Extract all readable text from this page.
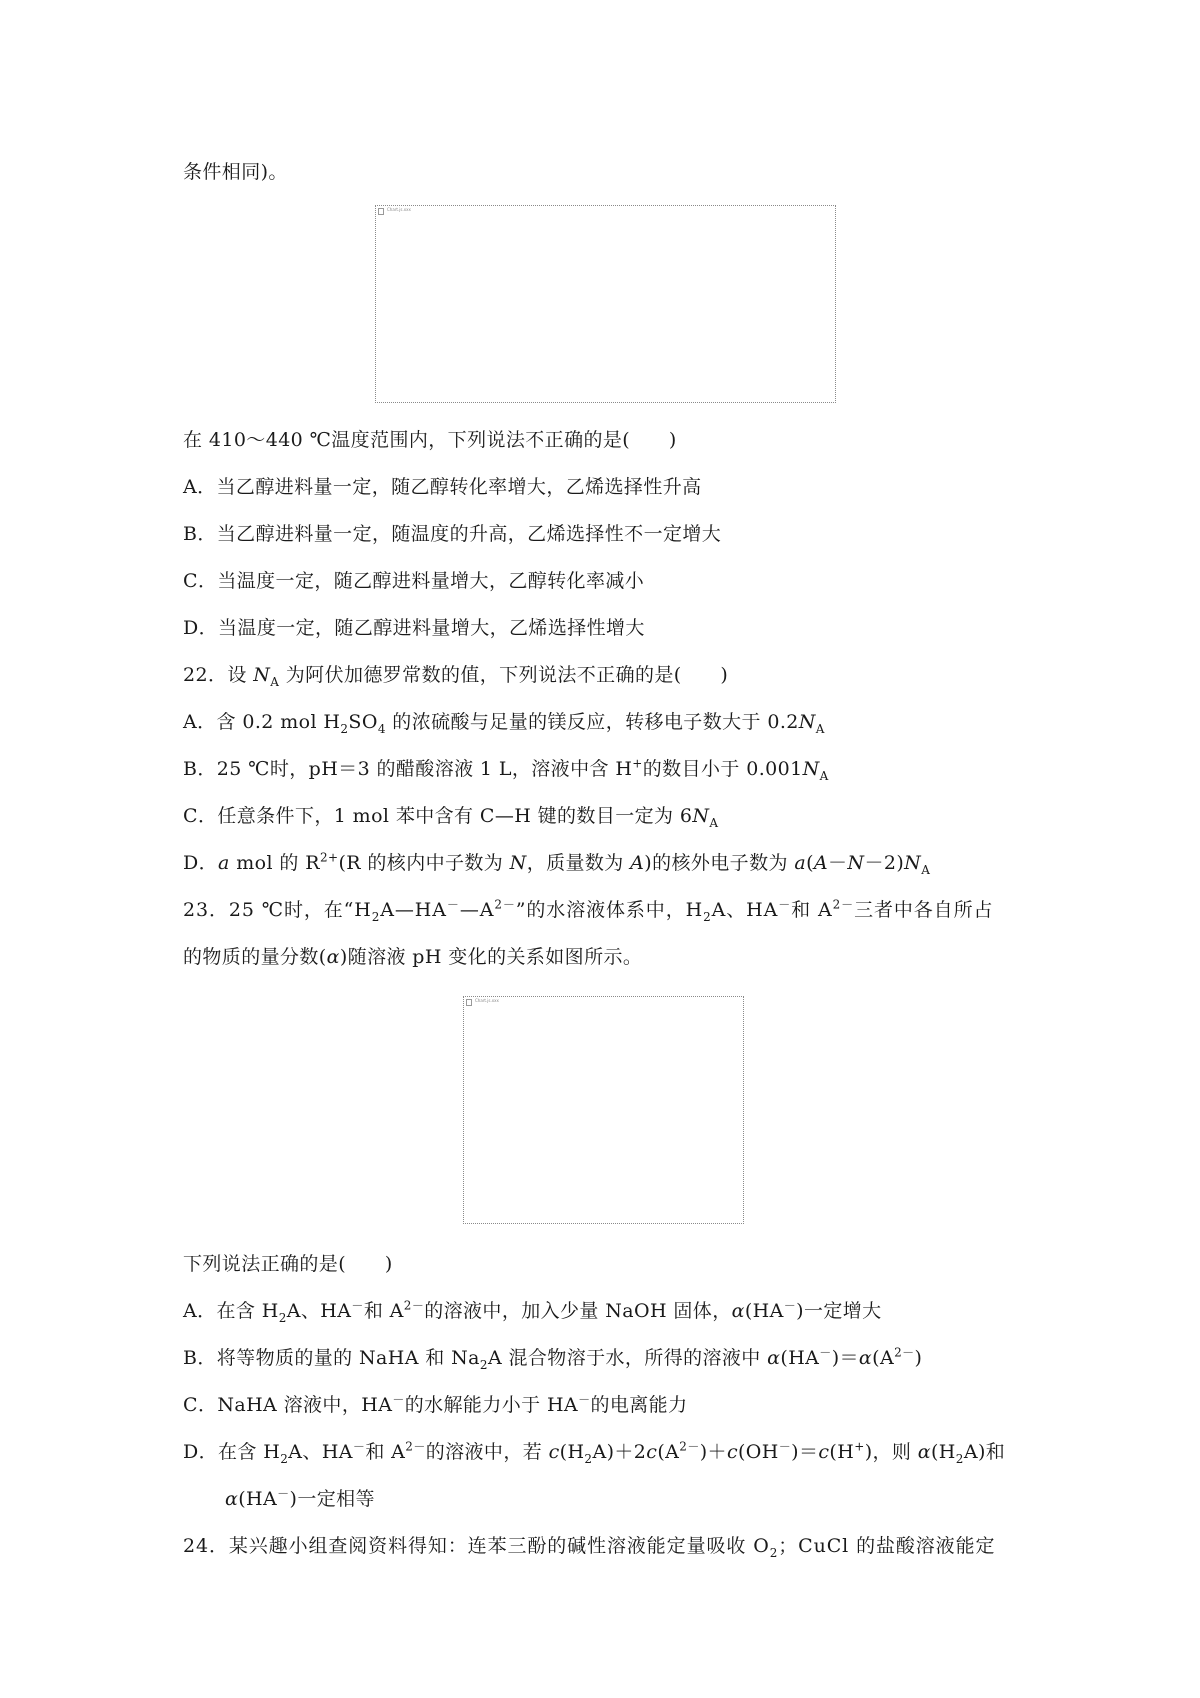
条件相同)。

Chart.js.xxx

在 410～440 ℃温度范围内，下列说法不正确的是(　　)

A．当乙醇进料量一定，随乙醇转化率增大，乙烯选择性升高

B．当乙醇进料量一定，随温度的升高，乙烯选择性不一定增大

C．当温度一定，随乙醇进料量增大，乙醇转化率减小

D．当温度一定，随乙醇进料量增大，乙烯选择性增大

22．设 $N_A$ 为阿伏加德罗常数的值，下列说法不正确的是(　　)

A．含 0.2 mol $H_2SO_4$ 的浓硫酸与足量的镁反应，转移电子数大于 $0.2N_A$

B．25 ℃时，pH＝3 的醋酸溶液 1 L，溶液中含 H+的数目小于 $0.001N_A$

C．任意条件下，1 mol 苯中含有 C—H 键的数目一定为 $6N_A$

D．a mol 的 $R^{2+}(R$ 的核内中子数为 N，质量数为 A)的核外电子数为 $a(A-N-2)N_A$

23．25 ℃时，在“$H_2A—HA^-—A^{2-}$”的水溶液体系中，$H_2A$、HA－和 $A^{2-}$三者中各自所占

的物质的量分数(α)随溶液 pH 变化的关系如图所示。

Chart.js.xxx

下列说法正确的是(　　)

A．在含 $H_2A$、HA－和 $A^{2-}$的溶液中，加入少量 NaOH 固体，α(HA－)一定增大

B．将等物质的量的 NaHA 和 $Na_2A$ 混合物溶于水，所得的溶液中 $\alpha(HA^-)=\alpha(A^{2-})$

C．NaHA 溶液中，HA－的水解能力小于 HA－的电离能力

D．在含 $H_2A$、HA－和 $A^{2-}$的溶液中，若 $c(H_2A)+2c(A^{2-})+c(OH^-)=c(H^+)$，则 $\alpha(H_2A)$和

α(HA－)一定相等

24．某兴趣小组查阅资料得知：连苯三酚的碱性溶液能定量吸收 $O_2$；CuCl 的盐酸溶液能定
